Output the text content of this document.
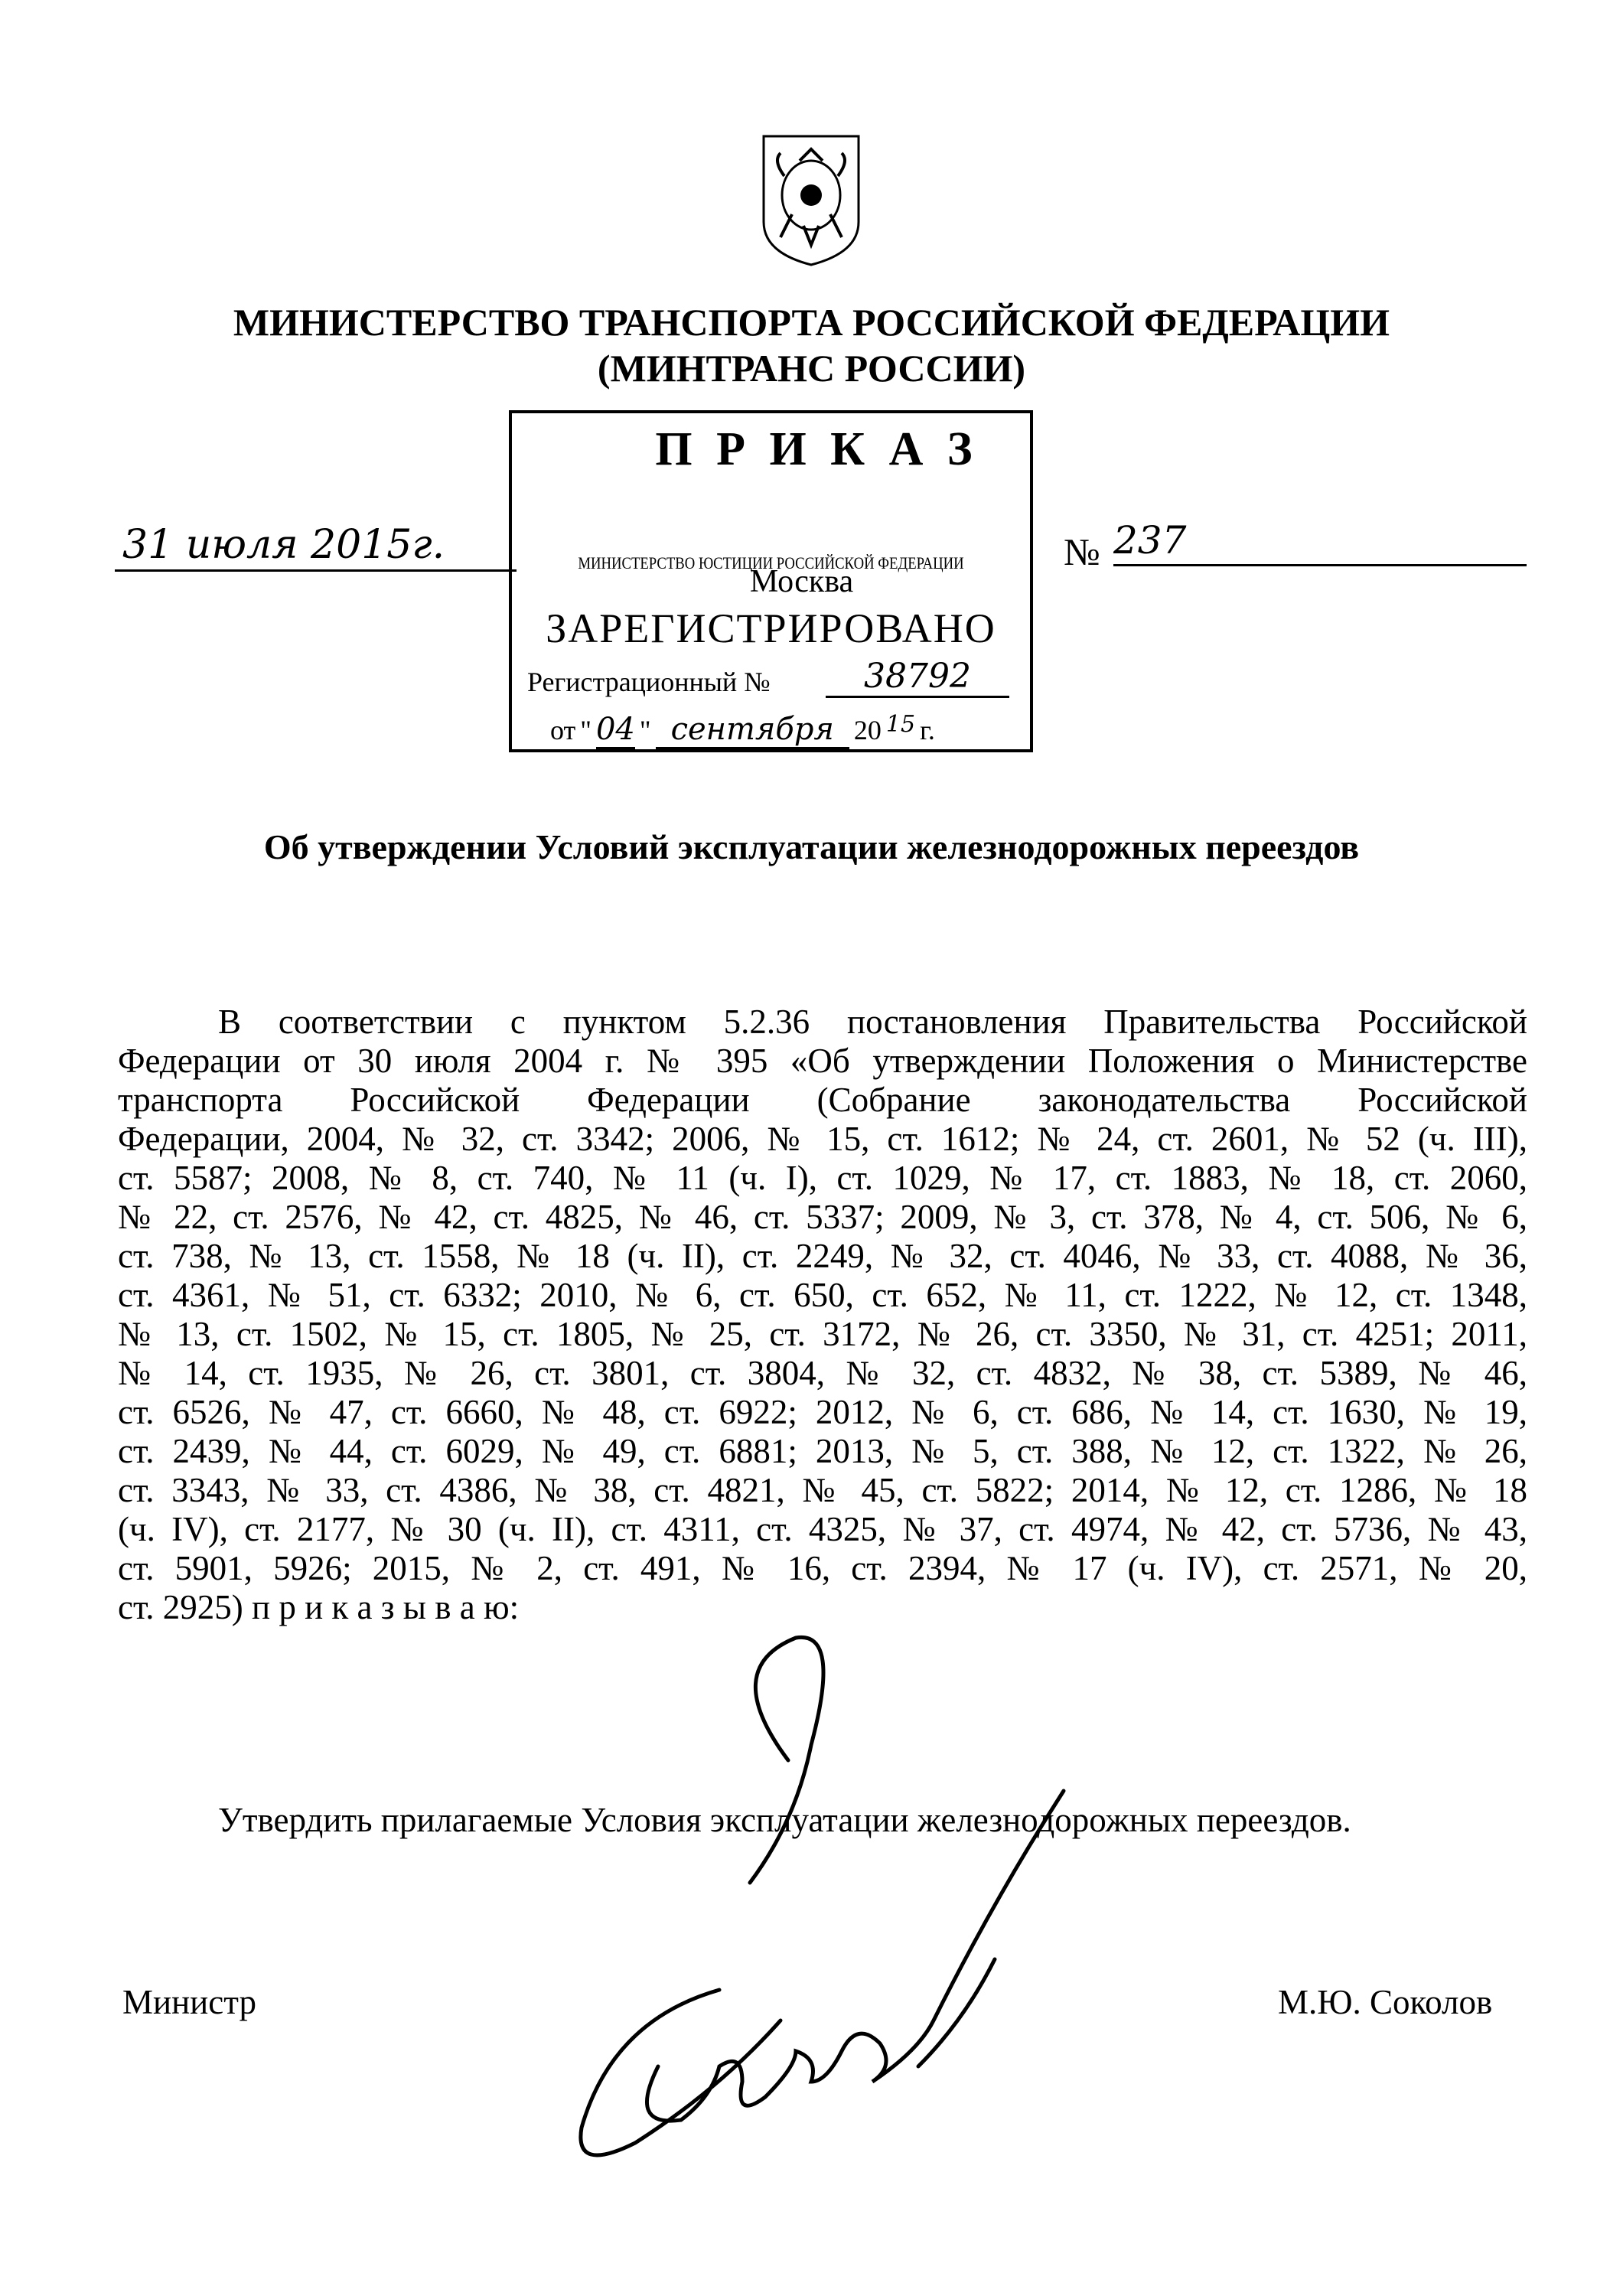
МИНИСТЕРСТВО ТРАНСПОРТА РОССИЙСКОЙ ФЕДЕРАЦИИ
(МИНТРАНС РОССИИ)
31 июля 2015г.
П Р И К А З
МИНИСТЕРСТВО ЮСТИЦИИ РОССИЙСКОЙ ФЕДЕРАЦИИ
Москва
ЗАРЕГИСТРИРОВАНО
Регистрационный №	38792
от " 04 " сентября 20 15 г.
№ 237
Об утверждении Условий эксплуатации железнодорожных переездов
В соответствии с пунктом 5.2.36 постановления Правительства Российской
Федерации от 30 июля 2004 г. № 395 «Об утверждении Положения о Министерстве
транспорта Российской Федерации (Собрание законодательства Российской
Федерации, 2004, № 32, ст. 3342; 2006, № 15, ст. 1612; № 24, ст. 2601, № 52 (ч. III),
ст. 5587; 2008, № 8, ст. 740, № 11 (ч. I), ст. 1029, № 17, ст. 1883, № 18, ст. 2060,
№ 22, ст. 2576, № 42, ст. 4825, № 46, ст. 5337; 2009, № 3, ст. 378, № 4, ст. 506, № 6,
ст. 738, № 13, ст. 1558, № 18 (ч. II), ст. 2249, № 32, ст. 4046, № 33, ст. 4088, № 36,
ст. 4361, № 51, ст. 6332; 2010, № 6, ст. 650, ст. 652, № 11, ст. 1222, № 12, ст. 1348,
№ 13, ст. 1502, № 15, ст. 1805, № 25, ст. 3172, № 26, ст. 3350, № 31, ст. 4251; 2011,
№ 14, ст. 1935, № 26, ст. 3801, ст. 3804, № 32, ст. 4832, № 38, ст. 5389, № 46,
ст. 6526, № 47, ст. 6660, № 48, ст. 6922; 2012, № 6, ст. 686, № 14, ст. 1630, № 19,
ст. 2439, № 44, ст. 6029, № 49, ст. 6881; 2013, № 5, ст. 388, № 12, ст. 1322, № 26,
ст. 3343, № 33, ст. 4386, № 38, ст. 4821, № 45, ст. 5822; 2014, № 12, ст. 1286, № 18
(ч. IV), ст. 2177, № 30 (ч. II), ст. 4311, ст. 4325, № 37, ст. 4974, № 42, ст. 5736, № 43,
ст. 5901, 5926; 2015, № 2, ст. 491, № 16, ст. 2394, № 17 (ч. IV), ст. 2571, № 20,
ст. 2925) п р и к а з ы в а ю:
Утвердить прилагаемые Условия эксплуатации железнодорожных переездов.
Министр	М.Ю. Соколов
